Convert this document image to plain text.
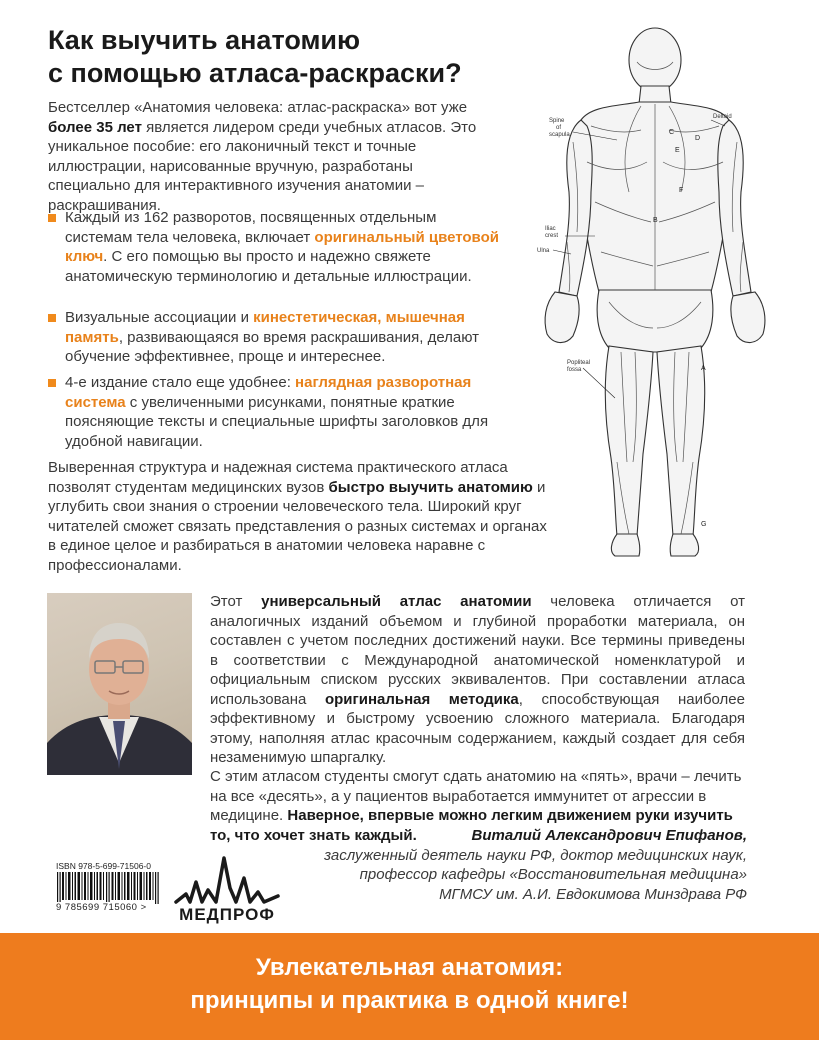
Как выучить анатомию
с помощью атласа-раскраски?
Бестселлер «Анатомия человека: атлас-раскраска» вот уже более 35 лет является лидером среди учебных атласов. Это уникальное пособие: его лаконичный текст и точные иллюстрации, нарисованные вручную, разработаны специально для интерактивного изучения анатомии – раскрашивания.
Каждый из 162 разворотов, посвященных отдельным системам тела человека, включает оригинальный цветовой ключ. С его помощью вы просто и надежно свяжете анатомическую терминологию и детальные иллюстрации.
Визуальные ассоциации и кинестетическая, мышечная память, развивающаяся во время раскрашивания, делают обучение эффективнее, проще и интереснее.
4-е издание стало еще удобнее: наглядная разворотная система с увеличенными рисунками, понятные краткие поясняющие тексты и специальные шрифты заголовков для удобной навигации.
Выверенная структура и надежная система практического атласа позволят студентам медицинских вузов быстро выучить анатомию и углубить свои знания о строении человеческого тела. Широкий круг читателей сможет связать представления о разных системах и органах в единое целое и разбираться в анатомии человека наравне с профессионалами.
Spine
of
scapula
Deltoid
Iliac
crest
Ulna
Popliteal
fossa
C
D
E
F
B
A
G
Этот универсальный атлас анатомии человека отличается от аналогичных изданий объемом и глубиной проработки материала, он составлен с учетом последних достижений науки. Все термины приведены в соответствии с Международной анатомической номенклатурой и официальным списком русских эквивалентов. При составлении атласа использована оригинальная методика, способствующая наиболее эффективному и быстрому усвоению сложного материала. Благодаря этому, наполняя атлас красочным содержанием, каждый создает для себя незаменимую шпаргалку.
С этим атласом студенты смогут сдать анатомию на «пять», врачи – лечить на все «десять», а у пациентов выработается иммунитет от агрессии в медицине. Наверное, впервые можно легким движением руки изучить то, что хочет знать каждый.	Виталий Александрович Епифанов,
заслуженный деятель науки РФ, доктор медицинских наук,
профессор кафедры «Восстановительная медицина»
МГМСУ им. А.И. Евдокимова Минздрава РФ
ISBN 978-5-699-71506-0
9 785699 715060 >	МЕДПРОФ
Увлекательная анатомия:
принципы и практика в одной книге!
